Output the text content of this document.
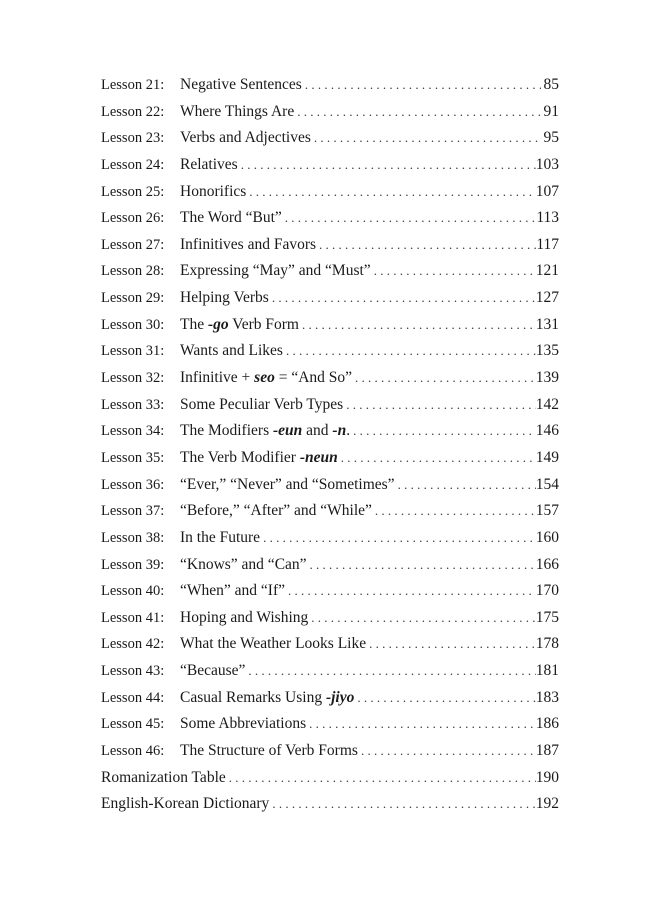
Lesson 21:	Negative Sentences . . .	85
Lesson 22:	Where Things Are . . .	91
Lesson 23:	Verbs and Adjectives . . .	95
Lesson 24:	Relatives . . .	103
Lesson 25:	Honorifics . . .	107
Lesson 26:	The Word “But” . . .	113
Lesson 27:	Infinitives and Favors . . .	117
Lesson 28:	Expressing “May” and “Must” . . .	121
Lesson 29:	Helping Verbs . . .	127
Lesson 30:	The -go Verb Form . . .	131
Lesson 31:	Wants and Likes . . .	135
Lesson 32:	Infinitive + seo = “And So” . . .	139
Lesson 33:	Some Peculiar Verb Types . . .	142
Lesson 34:	The Modifiers -eun and -n. . . .	146
Lesson 35:	The Verb Modifier -neun . . .	149
Lesson 36:	“Ever,” “Never” and “Sometimes” . . .	154
Lesson 37:	“Before,” “After” and “While” . . .	157
Lesson 38:	In the Future . . .	160
Lesson 39:	“Knows” and “Can” . . .	166
Lesson 40:	“When” and “If” . . .	170
Lesson 41:	Hoping and Wishing . . .	175
Lesson 42:	What the Weather Looks Like . . .	178
Lesson 43:	“Because” . . .	181
Lesson 44:	Casual Remarks Using -jiyo . . .	183
Lesson 45:	Some Abbreviations . . .	186
Lesson 46:	The Structure of Verb Forms . . .	187
Romanization Table . . .	190
English-Korean Dictionary . . .	192
